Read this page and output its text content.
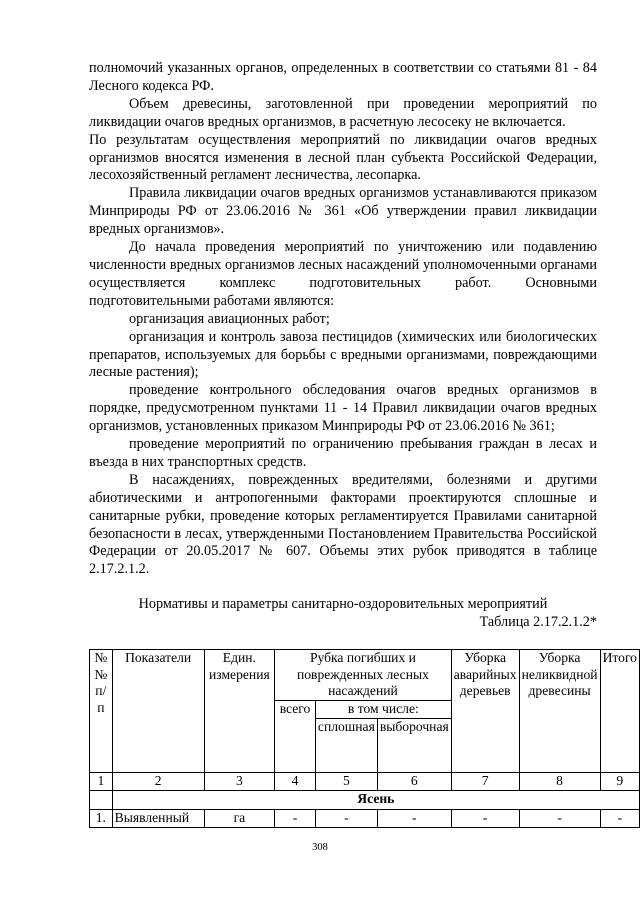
полномочий указанных органов, определенных в соответствии со статьями 81 - 84 Лесного кодекса РФ.

Объем древесины, заготовленной при проведении мероприятий по ликвидации очагов вредных организмов, в расчетную лесосеку не включается.

По результатам осуществления мероприятий по ликвидации очагов вредных организмов вносятся изменения в лесной план субъекта Российской Федерации, лесохозяйственный регламент лесничества, лесопарка.

Правила ликвидации очагов вредных организмов устанавливаются приказом Минприроды РФ от 23.06.2016 № 361 «Об утверждении правил ликвидации вредных организмов».

До начала проведения мероприятий по уничтожению или подавлению численности вредных организмов лесных насаждений уполномоченными органами осуществляется комплекс подготовительных работ. Основными подготовительными работами являются:

организация авиационных работ;

организация и контроль завоза пестицидов (химических или биологических препаратов, используемых для борьбы с вредными организмами, повреждающими лесные растения);

проведение контрольного обследования очагов вредных организмов в порядке, предусмотренном пунктами 11 - 14 Правил ликвидации очагов вредных организмов, установленных приказом Минприроды РФ от 23.06.2016 № 361;

проведение мероприятий по ограничению пребывания граждан в лесах и въезда в них транспортных средств.

В насаждениях, поврежденных вредителями, болезнями и другими абиотическими и антропогенными факторами проектируются сплошные и санитарные рубки, проведение которых регламентируется Правилами санитарной безопасности в лесах, утвержденными Постановлением Правительства Российской Федерации от 20.05.2017 № 607. Объемы этих рубок приводятся в таблице 2.17.2.1.2.

Нормативы и параметры санитарно-оздоровительных мероприятий
Таблица 2.17.2.1.2*
№ № п/п	Показатели	Един. измерения	Рубка погибших и поврежденных лесных насаждений			Уборка аварийных деревьев	Уборка неликвидной древесины	Итого
			всего	в том числе:				
				сплошная	выборочная			
1	2	3	4	5	6	7	8	9
	Ясень							
1.	Выявленный	га	-	-	-	-	-	-
308
